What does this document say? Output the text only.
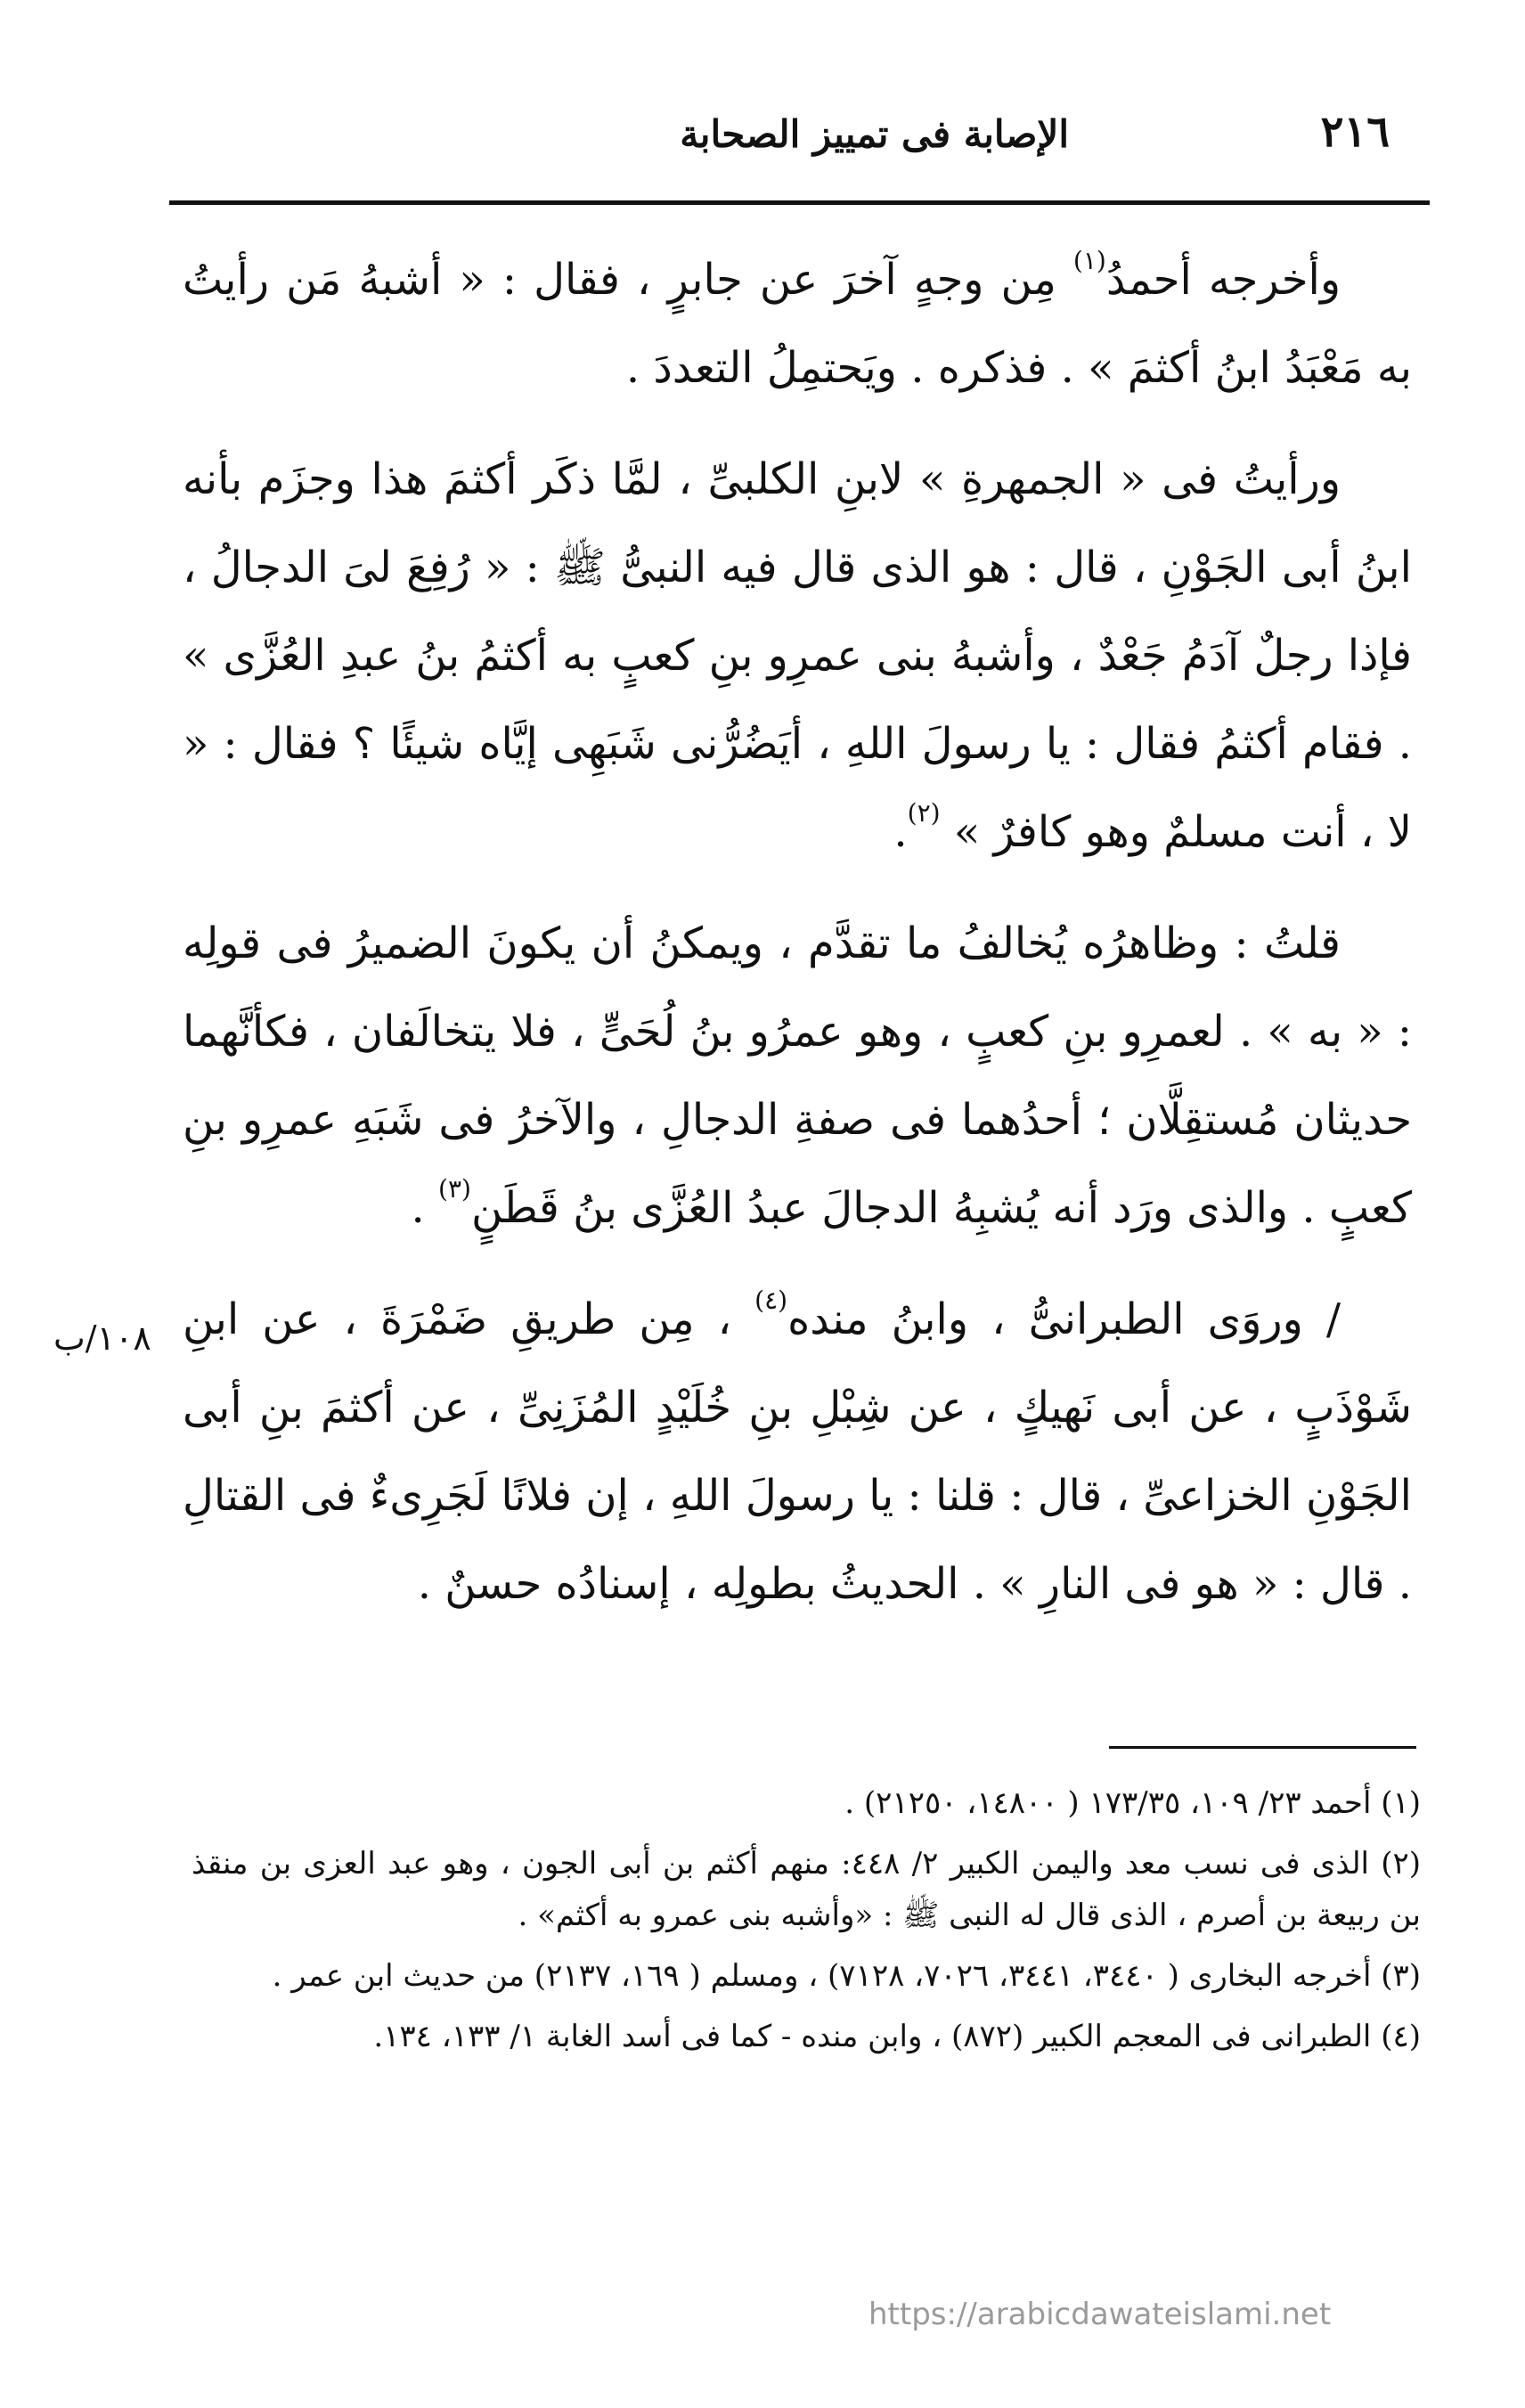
٢١٦
الإصابة فى تمييز الصحابة

وأخرجه أحمدُ$^{(١)}$ مِن وجهٍ آخرَ عن جابرٍ ، فقال : « أشبهُ مَن رأيتُ به مَعْبَدُ ابنُ أكثمَ » . فذكره . ويَحتمِلُ التعددَ .

ورأيتُ فى « الجمهرةِ » لابنِ الكلبىِّ ، لمَّا ذكَر أكثمَ هذا وجزَم بأنه ابنُ أبى الجَوْنِ ، قال : هو الذى قال فيه النبىُّ ﷺ : « رُفِعَ لىَ الدجالُ ، فإذا رجلٌ آدَمُ جَعْدٌ ، وأشبهُ بنى عمرِو بنِ كعبٍ به أكثمُ بنُ عبدِ العُزَّى » . فقام أكثمُ فقال : يا رسولَ اللهِ ، أيَضُرُّنى شَبَهِى إيَّاه شيئًا ؟ فقال : « لا ، أنت مسلمٌ وهو كافرٌ » $^{(٢)}$.

قلتُ : وظاهرُه يُخالفُ ما تقدَّم ، ويمكنُ أن يكونَ الضميرُ فى قولِه : « به » . لعمرِو بنِ كعبٍ ، وهو عمرُو بنُ لُحَىٍّ ، فلا يتخالَفان ، فكأنَّهما حديثان مُستقِلَّان ؛ أحدُهما فى صفةِ الدجالِ ، والآخرُ فى شَبَهِ عمرِو بنِ كعبٍ . والذى ورَد أنه يُشبِهُ الدجالَ عبدُ العُزَّى بنُ قَطَنٍ$^{(٣)}$ .

/ وروَى الطبرانىُّ ، وابنُ منده$^{(٤)}$ ، مِن طريقِ ضَمْرَةَ ، عن ابنِ شَوْذَبٍ ، عن أبى نَهيكٍ ، عن شِبْلِ بنِ خُلَيْدٍ المُزَنِىِّ ، عن أكثمَ بنِ أبى الجَوْنِ الخزاعىِّ ، قال : قلنا : يا رسولَ اللهِ ، إن فلانًا لَجَرِىءٌ فى القتالِ . قال : « هو فى النارِ » . الحديثُ بطولِه ، إسنادُه حسنٌ .

١٠٨/ب
(١) أحمد ٢٣/ ١٠٩، ١٧٣/٣٥ ( ١٤٨٠٠، ٢١٢٥٠) .
(٢) الذى فى نسب معد واليمن الكبير ٢/ ٤٤٨: منهم أكثم بن أبى الجون ، وهو عبد العزى بن منقذ بن ربيعة بن أصرم ، الذى قال له النبى ﷺ : «وأشبه بنى عمرو به أكثم» .
(٣) أخرجه البخارى ( ٣٤٤٠، ٣٤٤١، ٧٠٢٦، ٧١٢٨) ، ومسلم ( ١٦٩، ٢١٣٧) من حديث ابن عمر .
(٤) الطبرانى فى المعجم الكبير (٨٧٢) ، وابن منده - كما فى أسد الغابة ١/ ١٣٣، ١٣٤.
https://arabicdawateislami.net
